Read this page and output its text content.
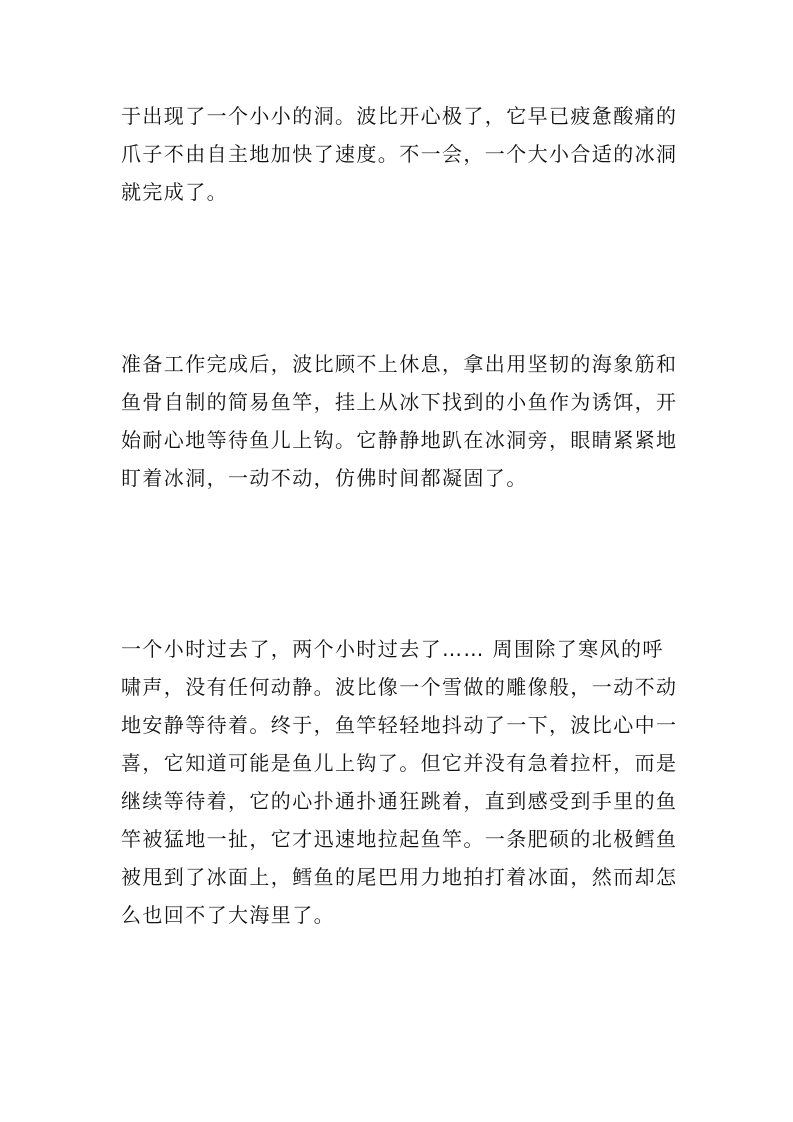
于出现了一个小小的洞。波比开心极了，它早已疲惫酸痛的
爪子不由自主地加快了速度。不一会，一个大小合适的冰洞
就完成了。
准备工作完成后，波比顾不上休息，拿出用坚韧的海象筋和
鱼骨自制的简易鱼竿，挂上从冰下找到的小鱼作为诱饵，开
始耐心地等待鱼儿上钩。它静静地趴在冰洞旁，眼睛紧紧地
盯着冰洞，一动不动，仿佛时间都凝固了。
一个小时过去了，两个小时过去了…… 周围除了寒风的呼
啸声，没有任何动静。波比像一个雪做的雕像般，一动不动
地安静等待着。终于，鱼竿轻轻地抖动了一下，波比心中一
喜，它知道可能是鱼儿上钩了。但它并没有急着拉杆，而是
继续等待着，它的心扑通扑通狂跳着，直到感受到手里的鱼
竿被猛地一扯，它才迅速地拉起鱼竿。一条肥硕的北极鳕鱼
被甩到了冰面上，鳕鱼的尾巴用力地拍打着冰面，然而却怎
么也回不了大海里了。
